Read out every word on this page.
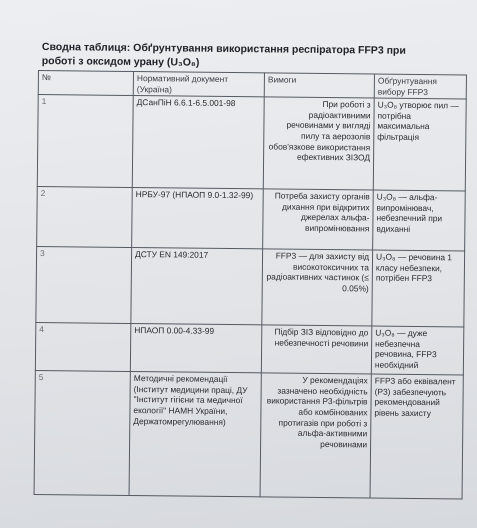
Сводна таблиця: Обґрунтування використання респіратора FFP3 при роботі з оксидом урану (U₃O₈)
№	Нормативний документ (Україна)	Вимоги	Обґрунтування вибору FFP3
1	ДСанПіН 6.6.1-6.5.001-98	При роботі з радіоактивними речовинами у вигляді пилу та аерозолів обов'язкове використання ефективних ЗІЗОД	U₃O₈ утворює пил — потрібна максимальна фільтрація
2	НРБУ-97 (НПАОП 9.0-1.32-99)	Потреба захисту органів дихання при відкритих джерелах альфа-випромінювання	U₃O₈ — альфа-випромінювач, небезпечний при вдиханні
3	ДСТУ EN 149:2017	FFP3 — для захисту від високотоксичних та радіоактивних частинок (≤ 0.05%)	U₃O₈ — речовина 1 класу небезпеки, потрібен FFP3
4	НПАОП 0.00-4.33-99	Підбір ЗІЗ відповідно до небезпечності речовини	U₃O₈ — дуже небезпечна речовина, FFP3 необхідний
5	Методичні рекомендації (Інститут медицини праці, ДУ "Інститут гігієни та медичної екології" НАМН України, Держатомрегулювання)	У рекомендаціях зазначено необхідність використання P3-фільтрів або комбінованих протигазів при роботі з альфа-активними речовинами	FFP3 або еквівалент (P3) забезпечують рекомендований рівень захисту
